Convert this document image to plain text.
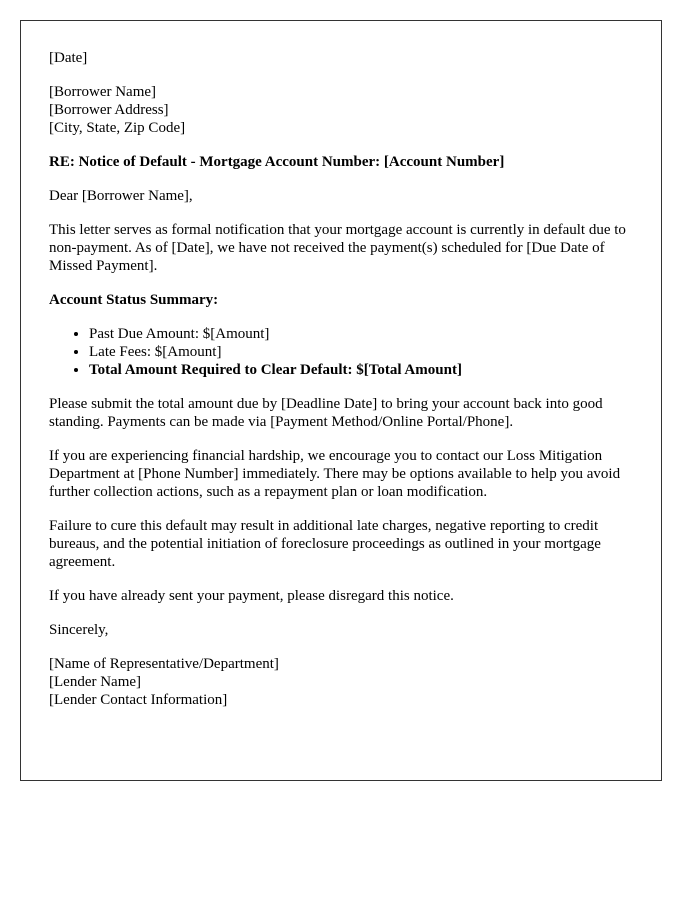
[Date]

[Borrower Name]
[Borrower Address]
[City, State, Zip Code]

RE: Notice of Default - Mortgage Account Number: [Account Number]

Dear [Borrower Name],

This letter serves as formal notification that your mortgage account is currently in default due to non-payment. As of [Date], we have not received the payment(s) scheduled for [Due Date of Missed Payment].

Account Status Summary:

• Past Due Amount: $[Amount]
• Late Fees: $[Amount]
• Total Amount Required to Clear Default: $[Total Amount]

Please submit the total amount due by [Deadline Date] to bring your account back into good standing. Payments can be made via [Payment Method/Online Portal/Phone].

If you are experiencing financial hardship, we encourage you to contact our Loss Mitigation Department at [Phone Number] immediately. There may be options available to help you avoid further collection actions, such as a repayment plan or loan modification.

Failure to cure this default may result in additional late charges, negative reporting to credit bureaus, and the potential initiation of foreclosure proceedings as outlined in your mortgage agreement.

If you have already sent your payment, please disregard this notice.

Sincerely,

[Name of Representative/Department]
[Lender Name]
[Lender Contact Information]
